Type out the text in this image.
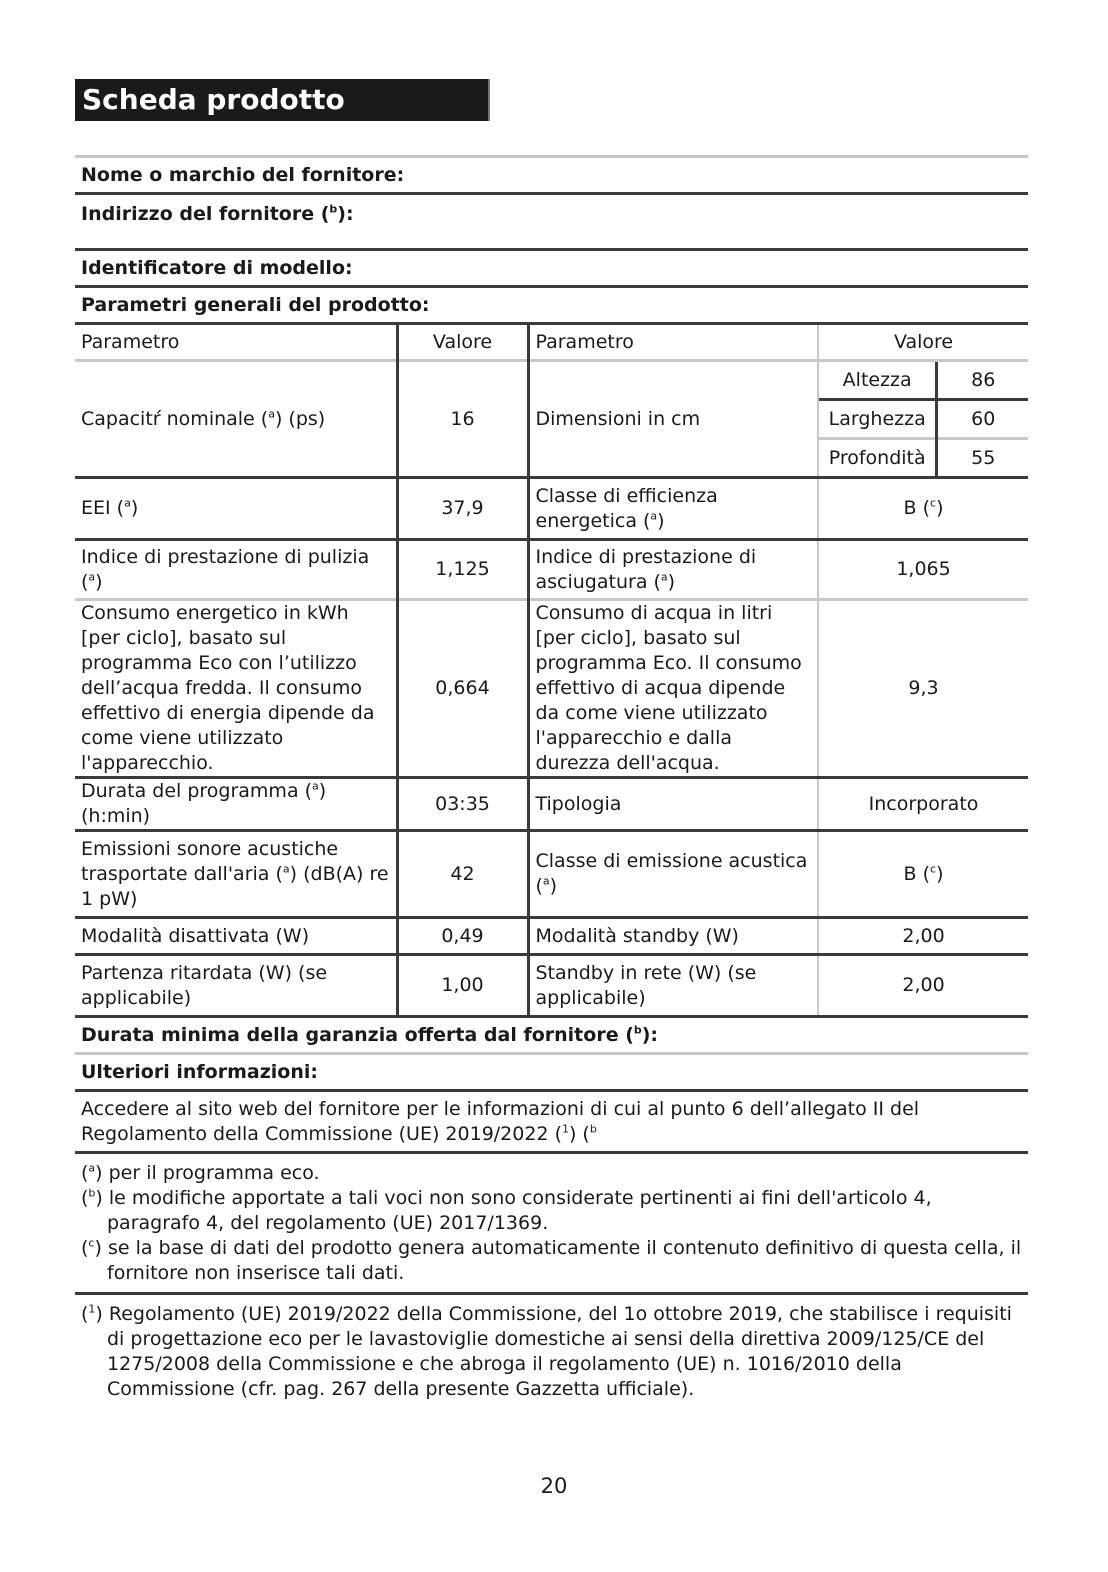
Scheda prodotto
Nome o marchio del fornitore:
Indirizzo del fornitore ($^b$):
Identificatore di modello:
Parametri generali del prodotto:
Parametro	Valore	Parametro	Valore
Capacitŕ nominale ($^a$) (ps)	16	Dimensioni in cm	
Altezza	86
Larghezza	60
Profondità	55

EEI ($^a$)	37,9	Classe di efficienza energetica ($^a$)	B ($^c$)
Indice di prestazione di pulizia ($^a$)	1,125	Indice di prestazione di asciugatura ($^a$)	1,065
Consumo energetico in kWh [per ciclo], basato sul programma Eco con l’utilizzo dell’acqua fredda. Il consumo effettivo di energia dipende da come viene utilizzato l'apparecchio.	0,664	Consumo di acqua in litri [per ciclo], basato sul programma Eco. Il consumo effettivo di acqua dipende da come viene utilizzato l'apparecchio e dalla durezza dell'acqua.	9,3
Durata del programma ($^a$) (h:min)	03:35	Tipologia	Incorporato
Emissioni sonore acustiche trasportate dall'aria ($^a$) (dB(A) re 1 pW)	42	Classe di emissione acustica ($^a$)	B ($^c$)
Modalità disattivata (W)	0,49	Modalità standby (W)	2,00
Partenza ritardata (W) (se applicabile)	1,00	Standby in rete (W) (se applicabile)	2,00
Durata minima della garanzia offerta dal fornitore ($^b$):
Ulteriori informazioni:
Accedere al sito web del fornitore per le informazioni di cui al punto 6 dell’allegato II del Regolamento della Commissione (UE) 2019/2022 ($^1$) ($^b$

($^a$) per il programma eco.
($^b$) le modifiche apportate a tali voci non sono considerate pertinenti ai fini dell'articolo 4, paragrafo 4, del regolamento (UE) 2017/1369.
($^c$) se la base di dati del prodotto genera automaticamente il contenuto definitivo di questa cella, il fornitore non inserisce tali dati.

($^1$) Regolamento (UE) 2019/2022 della Commissione, del 1o ottobre 2019, che stabilisce i requisiti di progettazione eco per le lavastoviglie domestiche ai sensi della direttiva 2009/125/CE del 1275/2008 della Commissione e che abroga il regolamento (UE) n. 1016/2010 della Commissione (cfr. pag. 267 della presente Gazzetta ufficiale).
20
